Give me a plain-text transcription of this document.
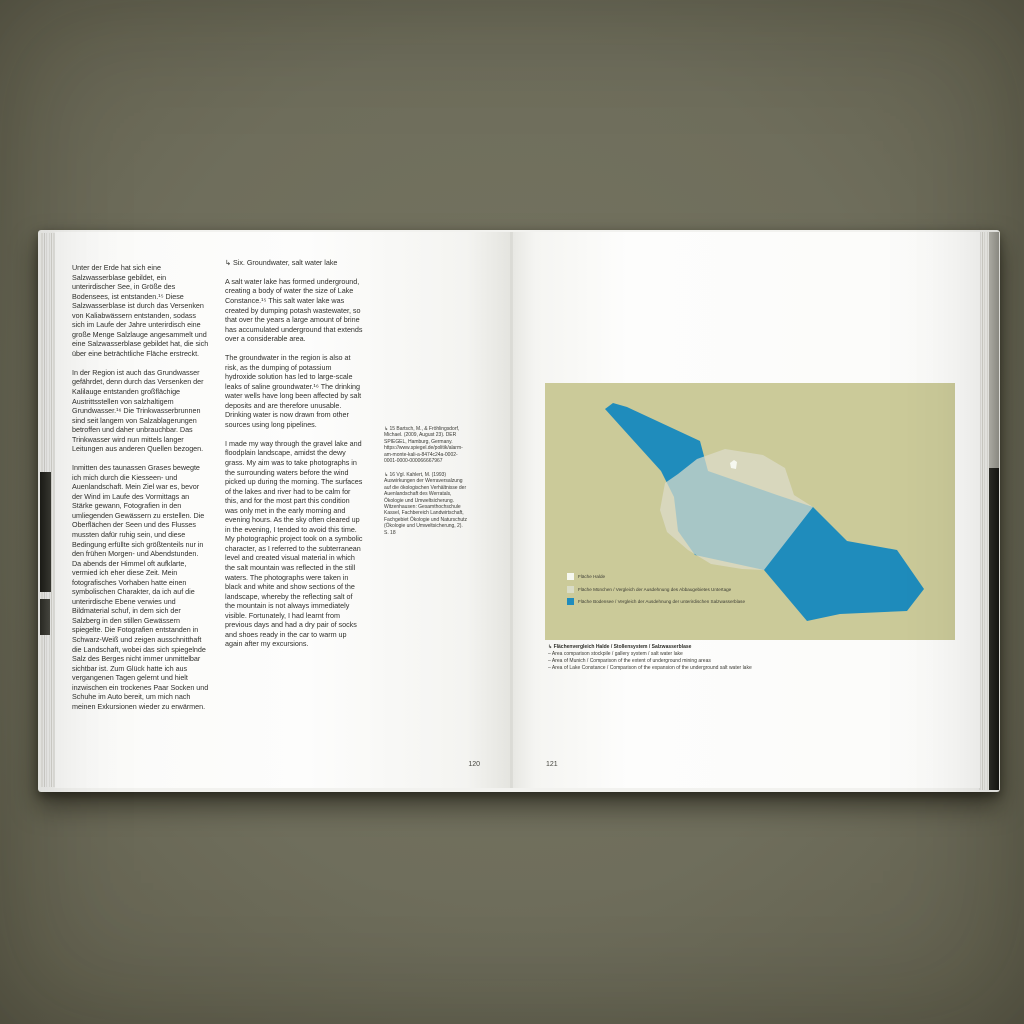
Unter der Erde hat sich eine Salzwasserblase gebildet, ein unterirdischer See, in Größe des Bodensees, ist entstanden.¹⁵ Diese Salzwasserblase ist durch das Versenken von Kaliabwässern entstanden, sodass sich im Laufe der Jahre unterirdisch eine große Menge Salzlauge angesammelt und eine Salzwasserblase gebildet hat, die sich über eine beträchtliche Fläche erstreckt.

In der Region ist auch das Grundwasser gefährdet, denn durch das Versenken der Kalilauge entstanden großflächige Austrittsstellen von salzhaltigem Grundwasser.¹⁶ Die Trinkwasserbrunnen sind seit langem von Salzablagerungen betroffen und daher unbrauchbar. Das Trinkwasser wird nun mittels langer Leitungen aus anderen Quellen bezogen.

Inmitten des taunassen Grases bewegte ich mich durch die Kiesseen- und Auenlandschaft. Mein Ziel war es, bevor der Wind im Laufe des Vormittags an Stärke gewann, Fotografien in den umliegenden Gewässern zu erstellen. Die Oberflächen der Seen und des Flusses mussten dafür ruhig sein, und diese Bedingung erfüllte sich größtenteils nur in den frühen Morgen- und Abendstunden. Da abends der Himmel oft aufklarte, vermied ich eher diese Zeit. Mein fotografisches Vorhaben hatte einen symbolischen Charakter, da ich auf die unterirdische Ebene verwies und Bildmaterial schuf, in dem sich der Salzberg in den stillen Gewässern spiegelte. Die Fotografien entstanden in Schwarz-Weiß und zeigen ausschnitthaft die Landschaft, wobei das sich spiegelnde Salz des Berges nicht immer unmittelbar sichtbar ist. Zum Glück hatte ich aus vergangenen Tagen gelernt und hielt inzwischen ein trockenes Paar Socken und Schuhe im Auto bereit, um mich nach meinen Exkursionen wieder zu erwärmen.

↳ Six. Groundwater, salt water lake

A salt water lake has formed underground, creating a body of water the size of Lake Constance.¹⁵ This salt water lake was created by dumping potash wastewater, so that over the years a large amount of brine has accumulated underground that extends over a considerable area.

The groundwater in the region is also at risk, as the dumping of potassium hydroxide solution has led to large-scale leaks of saline groundwater.¹⁶ The drinking water wells have long been affected by salt deposits and are therefore unusable. Drinking water is now drawn from other sources using long pipelines.

I made my way through the gravel lake and floodplain landscape, amidst the dewy grass. My aim was to take photographs in the surrounding waters before the wind picked up during the morning. The surfaces of the lakes and river had to be calm for this, and for the most part this condition was only met in the early morning and evening hours. As the sky often cleared up in the evening, I tended to avoid this time. My photographic project took on a symbolic character, as I referred to the subterranean level and created visual material in which the salt mountain was reflected in the still waters. The photographs were taken in black and white and show sections of the landscape, whereby the reflecting salt of the mountain is not always immediately visible. Fortunately, I had learnt from previous days and had a dry pair of socks and shoes ready in the car to warm up again after my excursions.

↳ 15 Bartsch, M., & Fröhlingsdorf, Michael. (2009, August 23). DER SPIEGEL, Hamburg, Germany. https://www.spiegel.de/politik/alarm-am-monte-kali-a-8474c24a-0002-0001-0000-000066667967
↳ 16 Vgl. Kahlert, M. (1993) Auswirkungen der Werraversalzung auf die ökologischen Verhältnisse der Auenlandschaft des Werratals, Ökologie und Umweltsicherung. Witzenhausen: Gesamthochschule Kassel, Fachbereich Landwirtschaft, Fachgebiet Ökologie und Naturschutz (Ökologie und Umweltsicherung, 2). S. 18
120
Fläche Halde
Fläche München / Vergleich der Ausdehnung des Abbaugebietes Untertage
Fläche Bodensee / Vergleich der Ausdehnung der unterirdischen Salzwasserblase
↳ Flächenvergleich Halde / Stollensystem / Salzwasserblase
– Area comparison stockpile / gallery system / salt water lake
– Area of Munich / Comparison of the extent of underground mining areas
– Area of Lake Constance / Comparison of the expansion of the underground salt water lake
121
